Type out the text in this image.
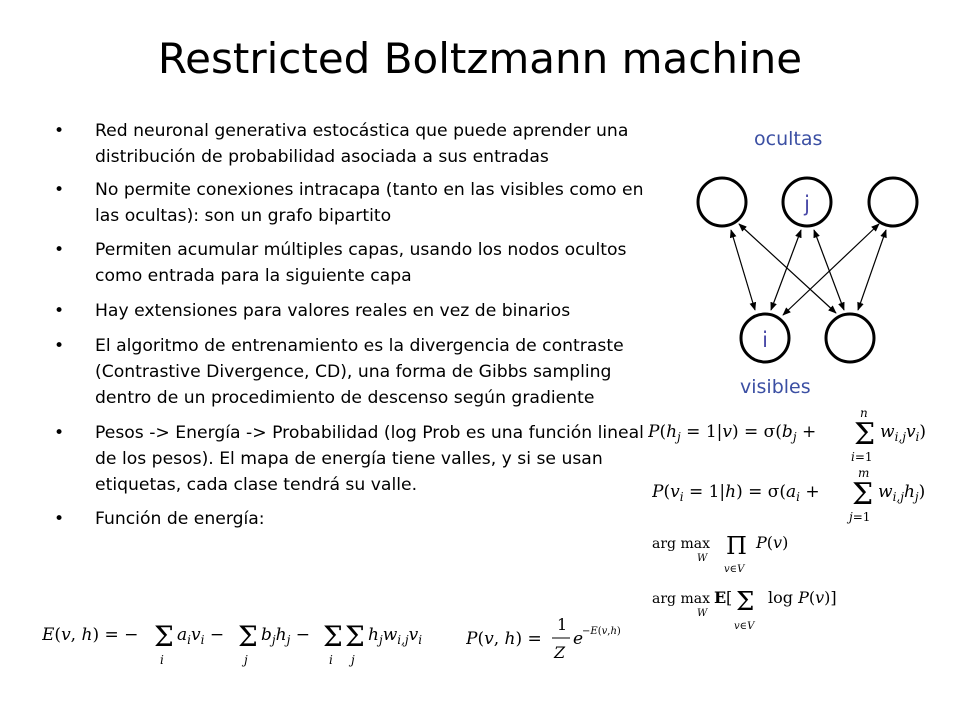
Restricted Boltzmann machine
• Red neuronal generativa estocástica que puede aprender una distribución de probabilidad asociada a sus entradas
• No permite conexiones intracapa (tanto en las visibles como en las ocultas): son un grafo bipartito
• Permiten acumular múltiples capas, usando los nodos ocultos como entrada para la siguiente capa
• Hay extensiones para valores reales en vez de binarios
• El algoritmo de entrenamiento es la divergencia de contraste (Contrastive Divergence, CD), una forma de Gibbs sampling dentro de un procedimiento de descenso según gradiente
• Pesos -> Energía -> Probabilidad (log Prob es una función lineal de los pesos). El mapa de energía tiene valles, y si se usan etiquetas, cada clase tendrá su valle.
• Función de energía:
ocultas
visibles
j
i
$P(h_j = 1|v) = \sigma(b_j + \Sigma$
n
i=1
$w_{i,j}v_i$)
$P(v_i = 1|h) = \sigma(a_i + \Sigma$
m
j=1
$w_{i,j}h_j$)
arg max
W Π
v∈V
P(v)
arg max
W
E [ Σ
v∈V
log P(v)]
E(v, h) = − Σ
i
$a_iv_i - \Sigma$
j
$b_jh_j - \Sigma$
i
Σ
j
$h_jw_{i,j}v_i$	P(v, h) =
1
Z
e
−E(v,h)
